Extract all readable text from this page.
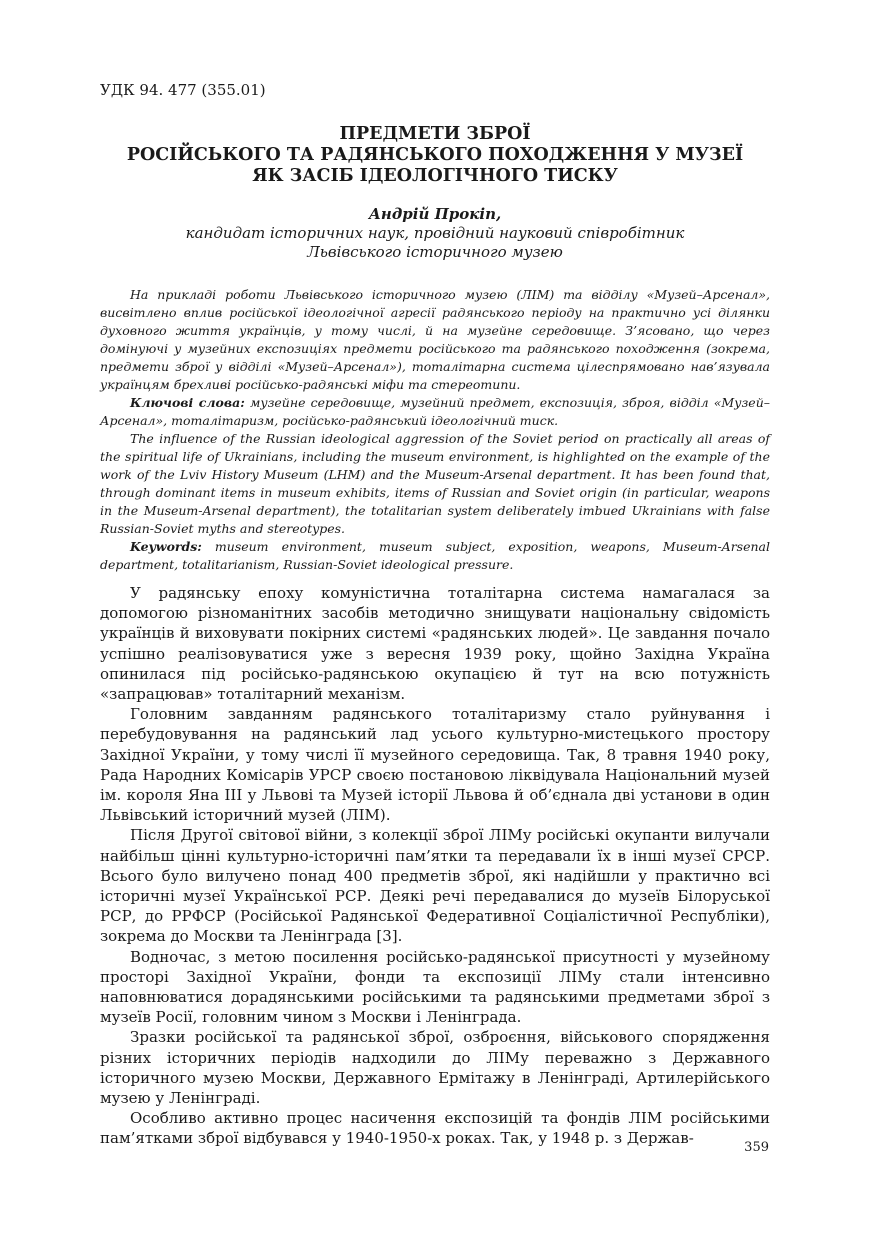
УДК 94. 477 (355.01)
ПРЕДМЕТИ ЗБРОЇ
РОСІЙСЬКОГО ТА РАДЯНСЬКОГО ПОХОДЖЕННЯ У МУЗЕЇ
ЯК ЗАСІБ ІДЕОЛОГІЧНОГО ТИСКУ
Андрій Прокіп,
кандидат історичних наук, провідний науковий співробітник
Львівського історичного музею

На прикладі роботи Львівського історичного музею (ЛІМ) та відділу «Музей–Арсенал», висвітлено вплив російської ідеологічної агресії радянського періоду на практично усі ділянки духовного життя українців, у тому числі, й на музейне середовище. З’ясовано, що через домінуючі у музейних експозиціях предмети російського та радянського походження (зокрема, предмети зброї у відділі «Музей–Арсенал»), тоталітарна система цілеспрямовано нав’язувала українцям брехливі російсько-радянські міфи та стереотипи.

Ключові слова: музейне середовище, музейний предмет, експозиція, зброя, відділ «Музей–Арсенал», тоталітаризм, російсько-радянський ідеологічний тиск.

The influence of the Russian ideological aggression of the Soviet period on practically all areas of the spiritual life of Ukrainians, including the museum environment, is highlighted on the example of the work of the Lviv History Museum (LHM) and the Museum-Arsenal department. It has been found that, through dominant items in museum exhibits, items of Russian and Soviet origin (in particular, weapons in the Museum-Arsenal department), the totalitarian system deliberately imbued Ukrainians with false Russian-Soviet myths and stereotypes.

Keywords: museum environment, museum subject, exposition, weapons, Museum-Arsenal department, totalitarianism, Russian-Soviet ideological pressure.

У радянську епоху комуністична тоталітарна система намагалася за допомогою різноманітних засобів методично знищувати національну свідомість українців й виховувати покірних системі «радянських людей». Це завдання почало успішно реалізовуватися уже з вересня 1939 року, щойно Західна Україна опинилася під російсько-радянською окупацією й тут на всю потужність «запрацював» тоталітарний механізм.

Головним завданням радянського тоталітаризму стало руйнування і перебудовування на радянський лад усього культурно-мистецького простору Західної України, у тому числі її музейного середовища. Так, 8 травня 1940 року, Рада Народних Комісарів УРСР своєю постановою ліквідувала Національний музей ім. короля Яна ІІІ у Львові та Музей історії Львова й об’єднала дві установи в один Львівський історичний музей (ЛІМ).

Після Другої світової війни, з колекції зброї ЛІМу російські окупанти вилучали найбільш цінні культурно-історичні пам’ятки та передавали їх в інші музеї СРСР. Всього було вилучено понад 400 предметів зброї, які надійшли у практично всі історичні музеї Української РСР. Деякі речі передавалися до музеїв Білоруської РСР, до РРФСР (Російської Радянської Федеративної Соціалістичної Республіки), зокрема до Москви та Ленінграда [3].

Водночас, з метою посилення російсько-радянської присутності у музейному просторі Західної України, фонди та експозиції ЛІМу стали інтенсивно наповнюватися дорадянськими російськими та радянськими предметами зброї з музеїв Росії, головним чином з Москви і Ленінграда.

Зразки російської та радянської зброї, озброєння, військового спорядження різних історичних періодів надходили до ЛІМу переважно з Державного історичного музею Москви, Державного Ермітажу в Ленінграді, Артилерійського музею у Ленінграді.

Особливо активно процес насичення експозицій та фондів ЛІМ російськими пам’ятками зброї відбувався у 1940-1950-х роках. Так, у 1948 р. з Держав-

359
